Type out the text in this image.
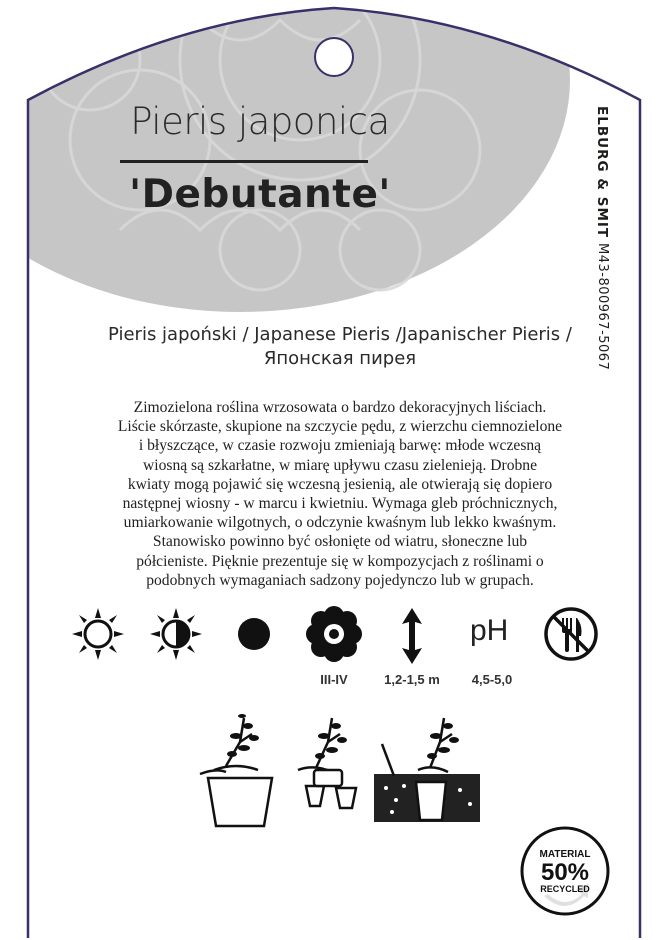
Pieris japonica
'Debutante'	ELBURG & SMIT M43-800967-5067
Pieris japoński / Japanese Pieris /Japanischer Pieris /
Японская пирея
Zimozielona roślina wrzosowata o bardzo dekoracyjnych liściach.
Liście skórzaste, skupione na szczycie pędu, z wierzchu ciemnozielone
i błyszczące, w czasie rozwoju zmieniają barwę: młode wczesną
wiosną są szkarłatne, w miarę upływu czasu zielenieją. Drobne
kwiaty mogą pojawić się wczesną jesienią, ale otwierają się dopiero
następnej wiosny - w marcu i kwietniu. Wymaga gleb próchnicznych,
umiarkowanie wilgotnych, o odczynie kwaśnym lub lekko kwaśnym.
Stanowisko powinno być osłonięte od wiatru, słoneczne lub
półcieniste. Pięknie prezentuje się w kompozycjach z roślinami o
podobnych wymaganiach sadzony pojedynczo lub w grupach.
pH
III-IV	1,2-1,5 m	4,5-5,0
MATERIAL
50%
RECYCLED
